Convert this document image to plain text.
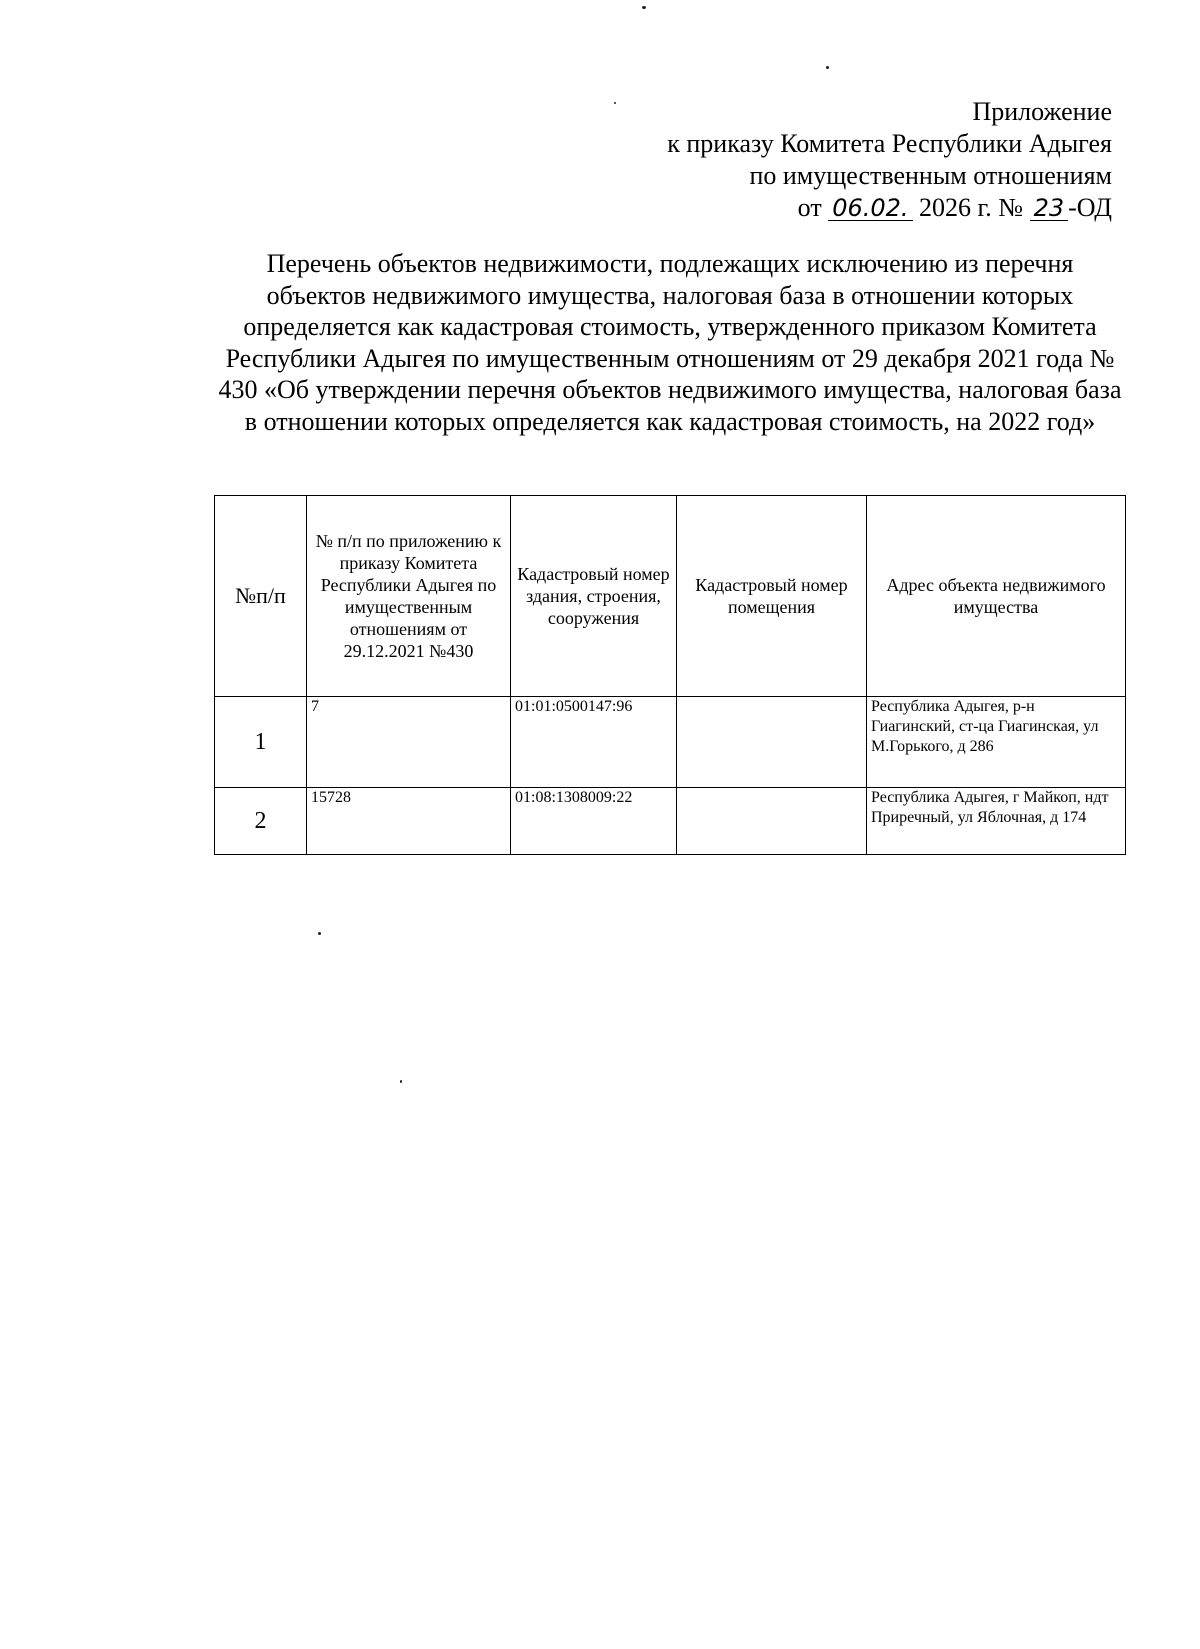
Приложение
к приказу Комитета Республики Адыгея
по имущественным отношениям
от 06.02. 2026 г. № 23 -ОД
Перечень объектов недвижимости, подлежащих исключению из перечня объектов недвижимого имущества, налоговая база в отношении которых определяется как кадастровая стоимость, утвержденного приказом Комитета Республики Адыгея по имущественным отношениям от 29 декабря 2021 года № 430 «Об утверждении перечня объектов недвижимого имущества, налоговая база в отношении которых определяется как кадастровая стоимость, на 2022 год»
№п/п	№ п/п по приложению к приказу Комитета Республики Адыгея по имущественным отношениям от 29.12.2021 №430	Кадастровый номер здания, строения, сооружения	Кадастровый номер помещения	Адрес объекта недвижимого имущества
1	7	01:01:0500147:96		Республика Адыгея, р-н Гиагинский, ст-ца Гиагинская, ул М.Горького, д 286
2	15728	01:08:1308009:22		Республика Адыгея, г Майкоп, ндт Приречный, ул Яблочная, д 174
